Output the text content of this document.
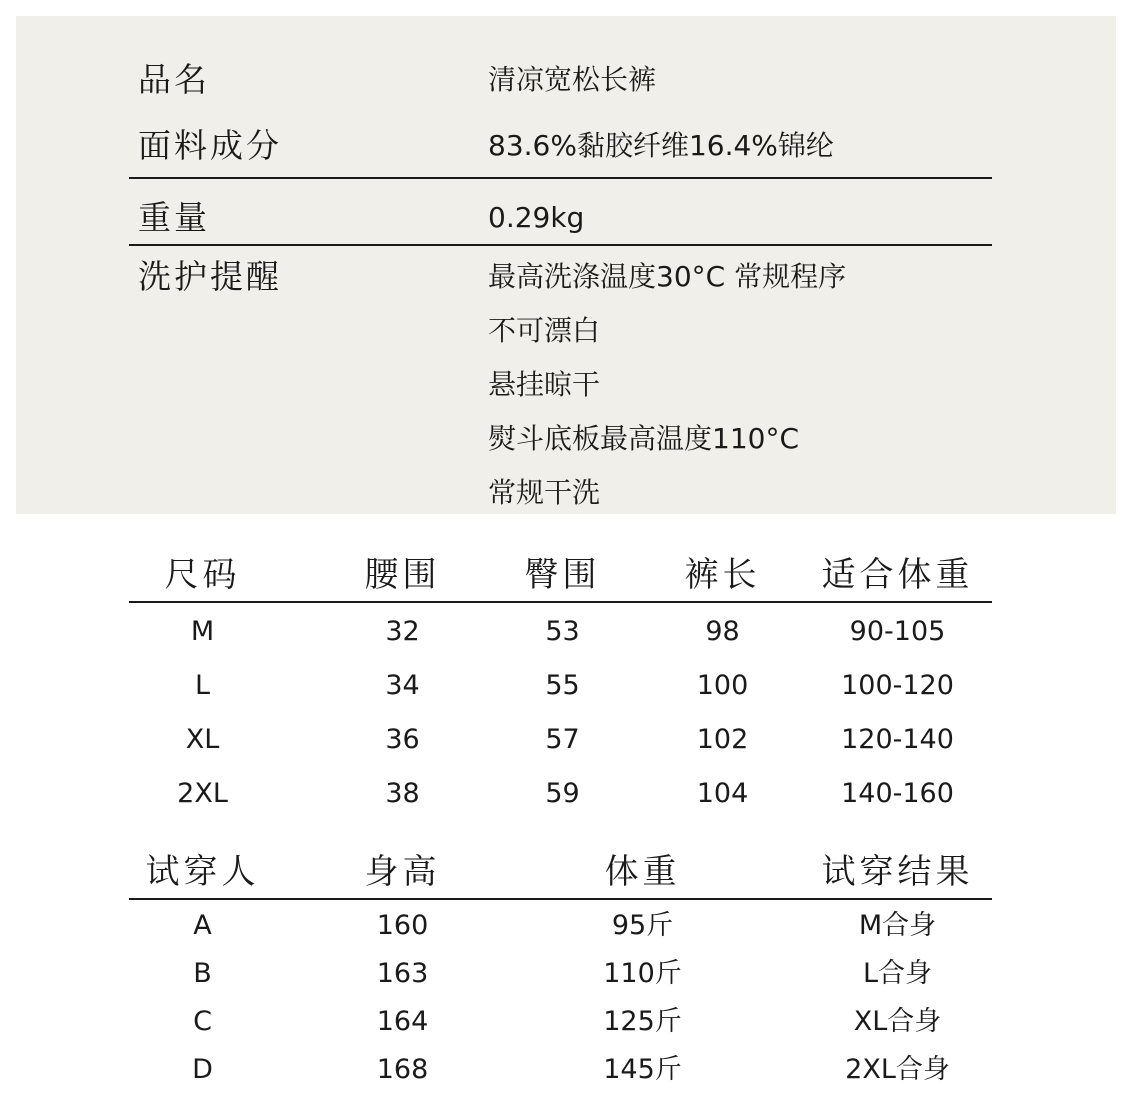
品名	清凉宽松长裤
面料成分	83.6%黏胶纤维16.4%锦纶
重量	0.29kg
洗护提醒	最高洗涤温度30°C 常规程序
不可漂白
悬挂晾干
熨斗底板最高温度110°C
常规干洗
尺码	腰围	臀围	裤长	适合体重
M	32	53	98	90-105
L	34	55	100	100-120
XL	36	57	102	120-140
2XL	38	59	104	140-160
试穿人	身高	体重	试穿结果
A	160	95斤	M合身
B	163	110斤	L合身
C	164	125斤	XL合身
D	168	145斤	2XL合身
